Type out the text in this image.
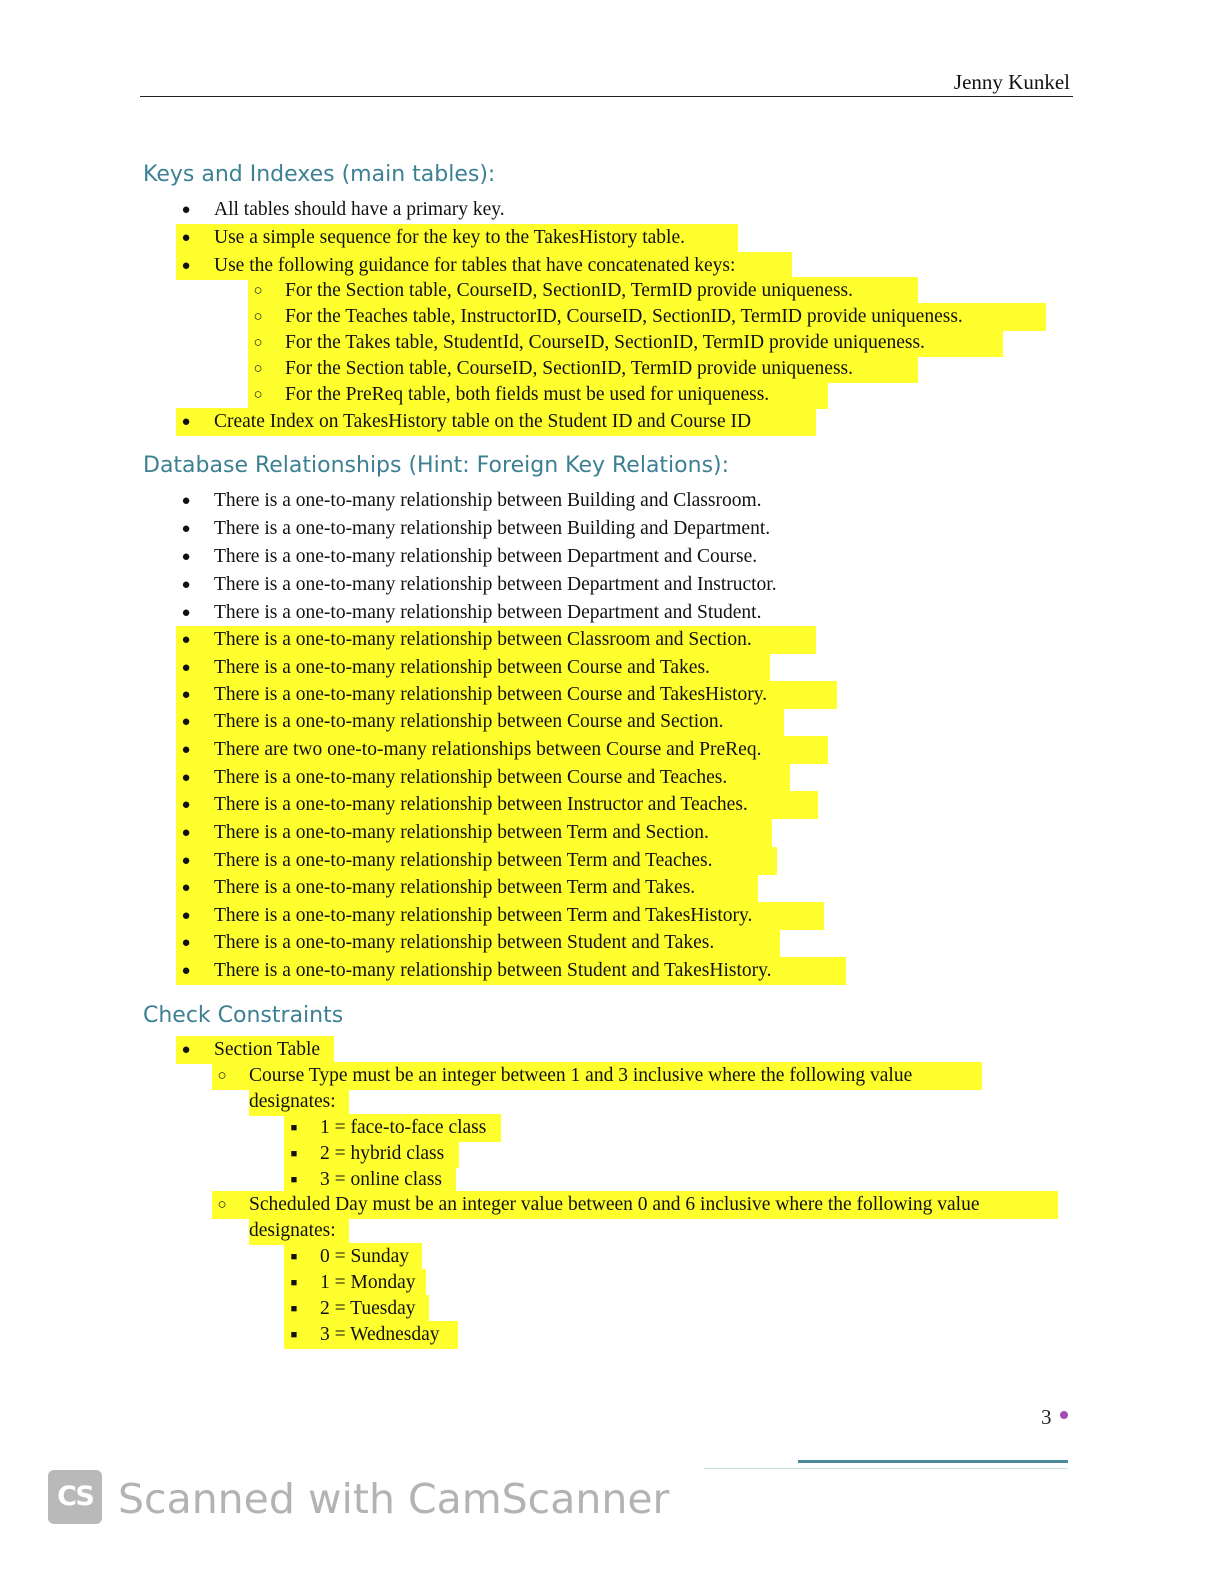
Jenny Kunkel
Keys and Indexes (main tables):
● All tables should have a primary key.
● Use a simple sequence for the key to the TakesHistory table.
● Use the following guidance for tables that have concatenated keys:
○ For the Section table, CourseID, SectionID, TermID provide uniqueness.
○ For the Teaches table, InstructorID, CourseID, SectionID, TermID provide uniqueness.
○ For the Takes table, StudentId, CourseID, SectionID, TermID provide uniqueness.
○ For the Section table, CourseID, SectionID, TermID provide uniqueness.
○ For the PreReq table, both fields must be used for uniqueness.
● Create Index on TakesHistory table on the Student ID and Course ID
Database Relationships (Hint: Foreign Key Relations):
● There is a one-to-many relationship between Building and Classroom.
● There is a one-to-many relationship between Building and Department.
● There is a one-to-many relationship between Department and Course.
● There is a one-to-many relationship between Department and Instructor.
● There is a one-to-many relationship between Department and Student.
● There is a one-to-many relationship between Classroom and Section.
● There is a one-to-many relationship between Course and Takes.
● There is a one-to-many relationship between Course and TakesHistory.
● There is a one-to-many relationship between Course and Section.
● There are two one-to-many relationships between Course and PreReq.
● There is a one-to-many relationship between Course and Teaches.
● There is a one-to-many relationship between Instructor and Teaches.
● There is a one-to-many relationship between Term and Section.
● There is a one-to-many relationship between Term and Teaches.
● There is a one-to-many relationship between Term and Takes.
● There is a one-to-many relationship between Term and TakesHistory.
● There is a one-to-many relationship between Student and Takes.
● There is a one-to-many relationship between Student and TakesHistory.
Check Constraints
● Section Table
○ Course Type must be an integer between 1 and 3 inclusive where the following value
designates:
■	1 = face-to-face class
■	2 = hybrid class
■	3 = online class
○ Scheduled Day must be an integer value between 0 and 6 inclusive where the following value
designates:
■	0 = Sunday
■	1 = Monday
■	2 = Tuesday
■	3 = Wednesday
3
CS Scanned with CamScanner
